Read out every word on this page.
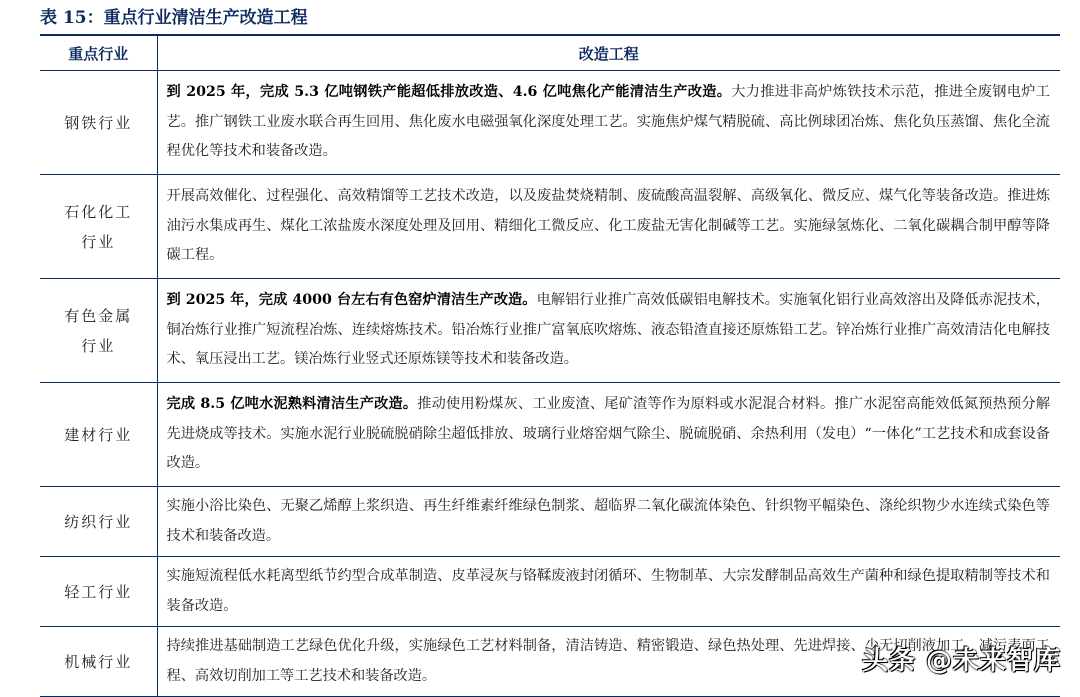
表 15：重点行业清洁生产改造工程
重点行业	改造工程
钢铁行业	到 2025 年，完成 5.3 亿吨钢铁产能超低排放改造、4.6 亿吨焦化产能清洁生产改造。大力推进非高炉炼铁技术示范，推进全废钢电炉工艺。推广钢铁工业废水联合再生回用、焦化废水电磁强氧化深度处理工艺。实施焦炉煤气精脱硫、高比例球团冶炼、焦化负压蒸馏、焦化全流程优化等技术和装备改造。
石化化工行业	开展高效催化、过程强化、高效精馏等工艺技术改造，以及废盐焚烧精制、废硫酸高温裂解、高级氧化、微反应、煤气化等装备改造。推进炼油污水集成再生、煤化工浓盐废水深度处理及回用、精细化工微反应、化工废盐无害化制碱等工艺。实施绿氢炼化、二氧化碳耦合制甲醇等降碳工程。
有色金属行业	到 2025 年，完成 4000 台左右有色窑炉清洁生产改造。电解铝行业推广高效低碳铝电解技术。实施氧化铝行业高效溶出及降低赤泥技术，铜冶炼行业推广短流程冶炼、连续熔炼技术。铅冶炼行业推广富氧底吹熔炼、液态铅渣直接还原炼铅工艺。锌冶炼行业推广高效清洁化电解技术、氧压浸出工艺。镁冶炼行业竖式还原炼镁等技术和装备改造。
建材行业	完成 8.5 亿吨水泥熟料清洁生产改造。推动使用粉煤灰、工业废渣、尾矿渣等作为原料或水泥混合材料。推广水泥窑高能效低氮预热预分解先进烧成等技术。实施水泥行业脱硫脱硝除尘超低排放、玻璃行业熔窑烟气除尘、脱硫脱硝、余热利用（发电）“一体化”工艺技术和成套设备改造。
纺织行业	实施小浴比染色、无聚乙烯醇上浆织造、再生纤维素纤维绿色制浆、超临界二氧化碳流体染色、针织物平幅染色、涤纶织物少水连续式染色等技术和装备改造。
轻工行业	实施短流程低水耗离型纸节约型合成革制造、皮革浸灰与铬鞣废液封闭循环、生物制革、大宗发酵制品高效生产菌种和绿色提取精制等技术和装备改造。
机械行业	持续推进基础制造工艺绿色优化升级，实施绿色工艺材料制备，清洁铸造、精密锻造、绿色热处理、先进焊接、少无切削液加工、减污表面工程、高效切削加工等工艺技术和装备改造。	头条 @未来智库
